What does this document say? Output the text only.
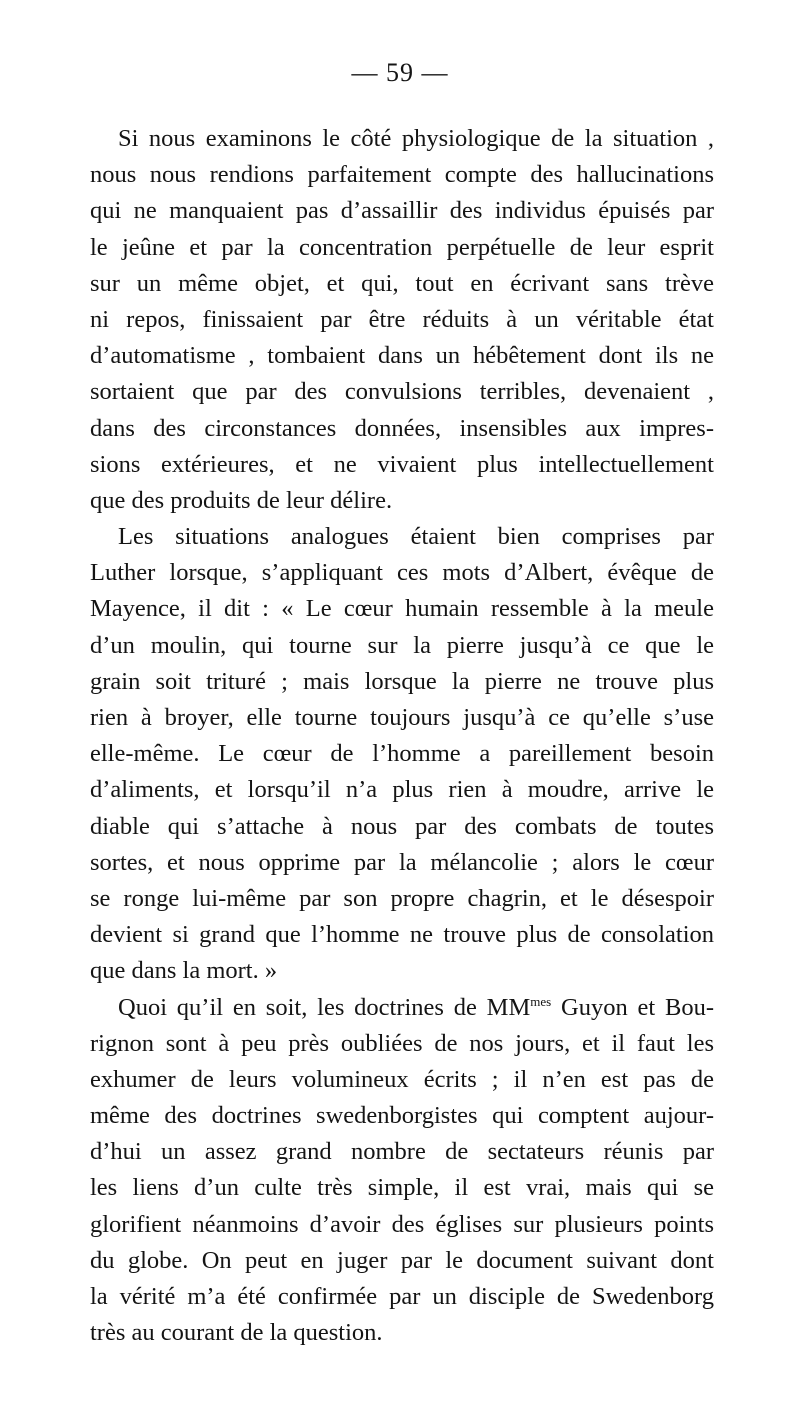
— 59 —
Si nous examinons le côté physiologique de la situation ,
nous nous rendions parfaitement compte des hallucinations
qui ne manquaient pas d’assaillir des individus épuisés par
le jeûne et par la concentration perpétuelle de leur esprit
sur un même objet, et qui, tout en écrivant sans trève
ni repos, finissaient par être réduits à un véritable état
d’automatisme , tombaient dans un hébêtement dont ils ne
sortaient que par des convulsions terribles, devenaient ,
dans des circonstances données, insensibles aux impres-
sions extérieures, et ne vivaient plus intellectuellement
que des produits de leur délire.
Les situations analogues étaient bien comprises par
Luther lorsque, s’appliquant ces mots d’Albert, évêque de
Mayence, il dit : « Le cœur humain ressemble à la meule
d’un moulin, qui tourne sur la pierre jusqu’à ce que le
grain soit trituré ; mais lorsque la pierre ne trouve plus
rien à broyer, elle tourne toujours jusqu’à ce qu’elle s’use
elle-même. Le cœur de l’homme a pareillement besoin
d’aliments, et lorsqu’il n’a plus rien à moudre, arrive le
diable qui s’attache à nous par des combats de toutes
sortes, et nous opprime par la mélancolie ; alors le cœur
se ronge lui-même par son propre chagrin, et le désespoir
devient si grand que l’homme ne trouve plus de consolation
que dans la mort. »
Quoi qu’il en soit, les doctrines de $MM^{mes}$ Guyon et Bou-
rignon sont à peu près oubliées de nos jours, et il faut les
exhumer de leurs volumineux écrits ; il n’en est pas de
même des doctrines swedenborgistes qui comptent aujour-
d’hui un assez grand nombre de sectateurs réunis par
les liens d’un culte très simple, il est vrai, mais qui se
glorifient néanmoins d’avoir des églises sur plusieurs points
du globe. On peut en juger par le document suivant dont
la vérité m’a été confirmée par un disciple de Swedenborg
très au courant de la question.
